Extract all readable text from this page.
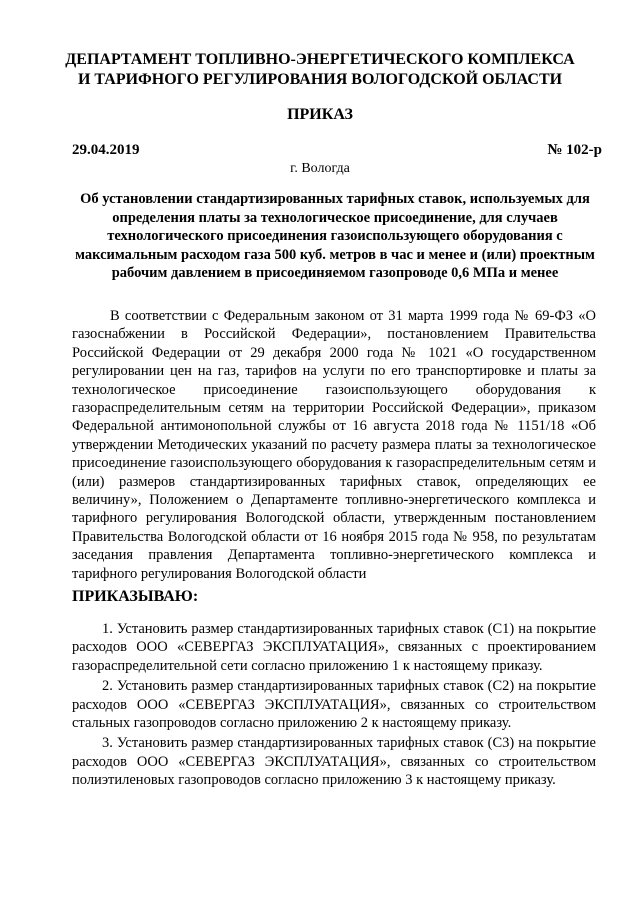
ДЕПАРТАМЕНТ ТОПЛИВНО-ЭНЕРГЕТИЧЕСКОГО КОМПЛЕКСА
И ТАРИФНОГО РЕГУЛИРОВАНИЯ ВОЛОГОДСКОЙ ОБЛАСТИ
ПРИКАЗ
29.04.2019	№ 102-р
г. Вологда
Об установлении стандартизированных тарифных ставок, используемых для определения платы за технологическое присоединение, для случаев технологического присоединения газоиспользующего оборудования с максимальным расходом газа 500 куб. метров в час и менее и (или) проектным рабочим давлением в присоединяемом газопроводе 0,6 МПа и менее

В соответствии с Федеральным законом от 31 марта 1999 года № 69-ФЗ «О газоснабжении в Российской Федерации», постановлением Правительства Российской Федерации от 29 декабря 2000 года № 1021 «О государственном регулировании цен на газ, тарифов на услуги по его транспортировке и платы за технологическое присоединение газоиспользующего оборудования к газораспределительным сетям на территории Российской Федерации», приказом Федеральной антимонопольной службы от 16 августа 2018 года № 1151/18 «Об утверждении Методических указаний по расчету размера платы за технологическое присоединение газоиспользующего оборудования к газораспределительным сетям и (или) размеров стандартизированных тарифных ставок, определяющих ее величину», Положением о Департаменте топливно-энергетического комплекса и тарифного регулирования Вологодской области, утвержденным постановлением Правительства Вологодской области от 16 ноября 2015 года № 958, по результатам заседания правления Департамента топливно-энергетического комплекса и тарифного регулирования Вологодской области

ПРИКАЗЫВАЮ:

1. Установить размер стандартизированных тарифных ставок (С1) на покрытие расходов ООО «СЕВЕРГАЗ ЭКСПЛУАТАЦИЯ», связанных с проектированием газораспределительной сети согласно приложению 1 к настоящему приказу.

2. Установить размер стандартизированных тарифных ставок (С2) на покрытие расходов ООО «СЕВЕРГАЗ ЭКСПЛУАТАЦИЯ», связанных со строительством стальных газопроводов согласно приложению 2 к настоящему приказу.

3. Установить размер стандартизированных тарифных ставок (С3) на покрытие расходов ООО «СЕВЕРГАЗ ЭКСПЛУАТАЦИЯ», связанных со строительством полиэтиленовых газопроводов согласно приложению 3 к настоящему приказу.
